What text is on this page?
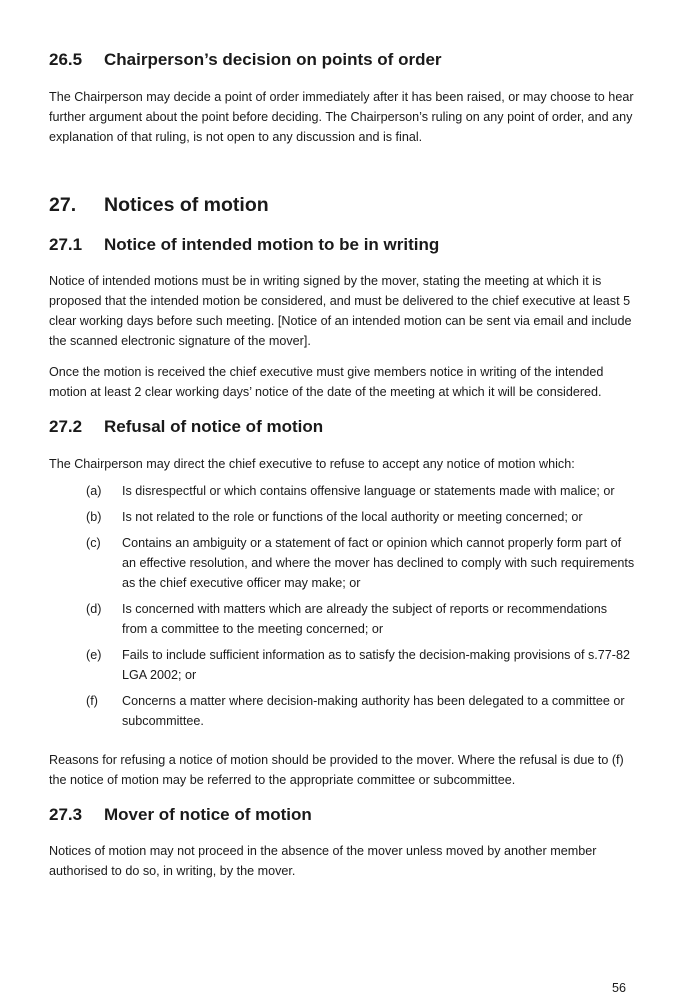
26.5 Chairperson’s decision on points of order

The Chairperson may decide a point of order immediately after it has been raised, or may choose to hear further argument about the point before deciding. The Chairperson’s ruling on any point of order, and any explanation of that ruling, is not open to any discussion and is final.

27. Notices of motion
27.1 Notice of intended motion to be in writing

Notice of intended motions must be in writing signed by the mover, stating the meeting at which it is proposed that the intended motion be considered, and must be delivered to the chief executive at least 5 clear working days before such meeting. [Notice of an intended motion can be sent via email and include the scanned electronic signature of the mover].

Once the motion is received the chief executive must give members notice in writing of the intended motion at least 2 clear working days’ notice of the date of the meeting at which it will be considered.

27.2 Refusal of notice of motion

The Chairperson may direct the chief executive to refuse to accept any notice of motion which:

(a) Is disrespectful or which contains offensive language or statements made with malice; or
(b) Is not related to the role or functions of the local authority or meeting concerned; or
(c) Contains an ambiguity or a statement of fact or opinion which cannot properly form part of an effective resolution, and where the mover has declined to comply with such requirements as the chief executive officer may make; or
(d) Is concerned with matters which are already the subject of reports or recommendations from a committee to the meeting concerned; or
(e) Fails to include sufficient information as to satisfy the decision-making provisions of s.77-82 LGA 2002; or
(f) Concerns a matter where decision-making authority has been delegated to a committee or subcommittee.

Reasons for refusing a notice of motion should be provided to the mover. Where the refusal is due to (f) the notice of motion may be referred to the appropriate committee or subcommittee.

27.3 Mover of notice of motion

Notices of motion may not proceed in the absence of the mover unless moved by another member authorised to do so, in writing, by the mover.

56
